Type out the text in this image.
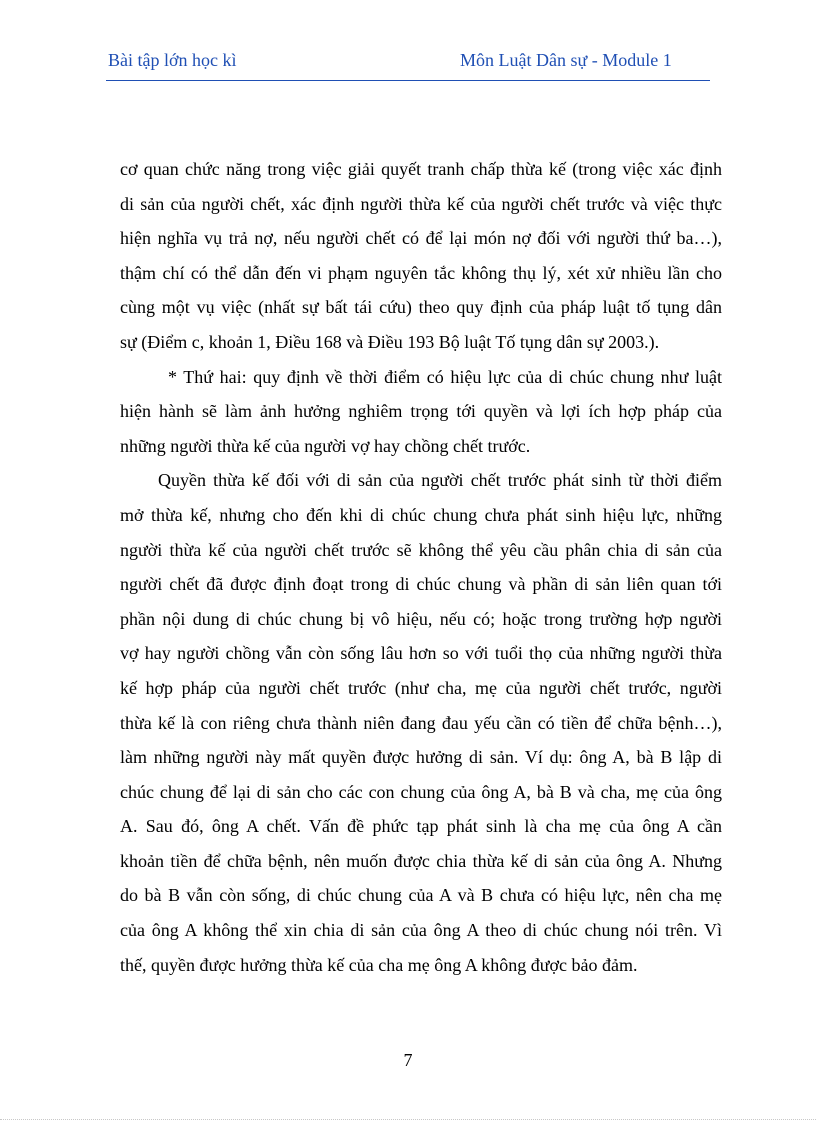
Bài tập lớn học kì	Môn Luật Dân sự - Module 1
cơ quan chức năng trong việc giải quyết tranh chấp thừa kế (trong việc xác định
di sản của người chết, xác định người thừa kế của người chết trước và việc thực
hiện nghĩa vụ trả nợ, nếu người chết có để lại món nợ đối với người thứ ba…),
thậm chí có thể dẫn đến vi phạm nguyên tắc không thụ lý, xét xử nhiều lần cho
cùng một vụ việc (nhất sự bất tái cứu) theo quy định của pháp luật tố tụng dân
sự (Điểm c, khoản 1, Điều 168 và Điều 193 Bộ luật Tố tụng dân sự 2003.).
* Thứ hai: quy định về thời điểm có hiệu lực của di chúc chung như luật
hiện hành sẽ làm ảnh hưởng nghiêm trọng tới quyền và lợi ích hợp pháp của
những người thừa kế của người vợ hay chồng chết trước.
Quyền thừa kế đối với di sản của người chết trước phát sinh từ thời điểm
mở thừa kế, nhưng cho đến khi di chúc chung chưa phát sinh hiệu lực, những
người thừa kế của người chết trước sẽ không thể yêu cầu phân chia di sản của
người chết đã được định đoạt trong di chúc chung và phần di sản liên quan tới
phần nội dung di chúc chung bị vô hiệu, nếu có; hoặc trong trường hợp người
vợ hay người chồng vẫn còn sống lâu hơn so với tuổi thọ của những người thừa
kế hợp pháp của người chết trước (như cha, mẹ của người chết trước, người
thừa kế là con riêng chưa thành niên đang đau yếu cần có tiền để chữa bệnh…),
làm những người này mất quyền được hưởng di sản. Ví dụ: ông A, bà B lập di
chúc chung để lại di sản cho các con chung của ông A, bà B và cha, mẹ của ông
A. Sau đó, ông A chết. Vấn đề phức tạp phát sinh là cha mẹ của ông A cần
khoản tiền để chữa bệnh, nên muốn được chia thừa kế di sản của ông A. Nhưng
do bà B vẫn còn sống, di chúc chung của A và B chưa có hiệu lực, nên cha mẹ
của ông A không thể xin chia di sản của ông A theo di chúc chung nói trên. Vì
thế, quyền được hưởng thừa kế của cha mẹ ông A không được bảo đảm.
7
